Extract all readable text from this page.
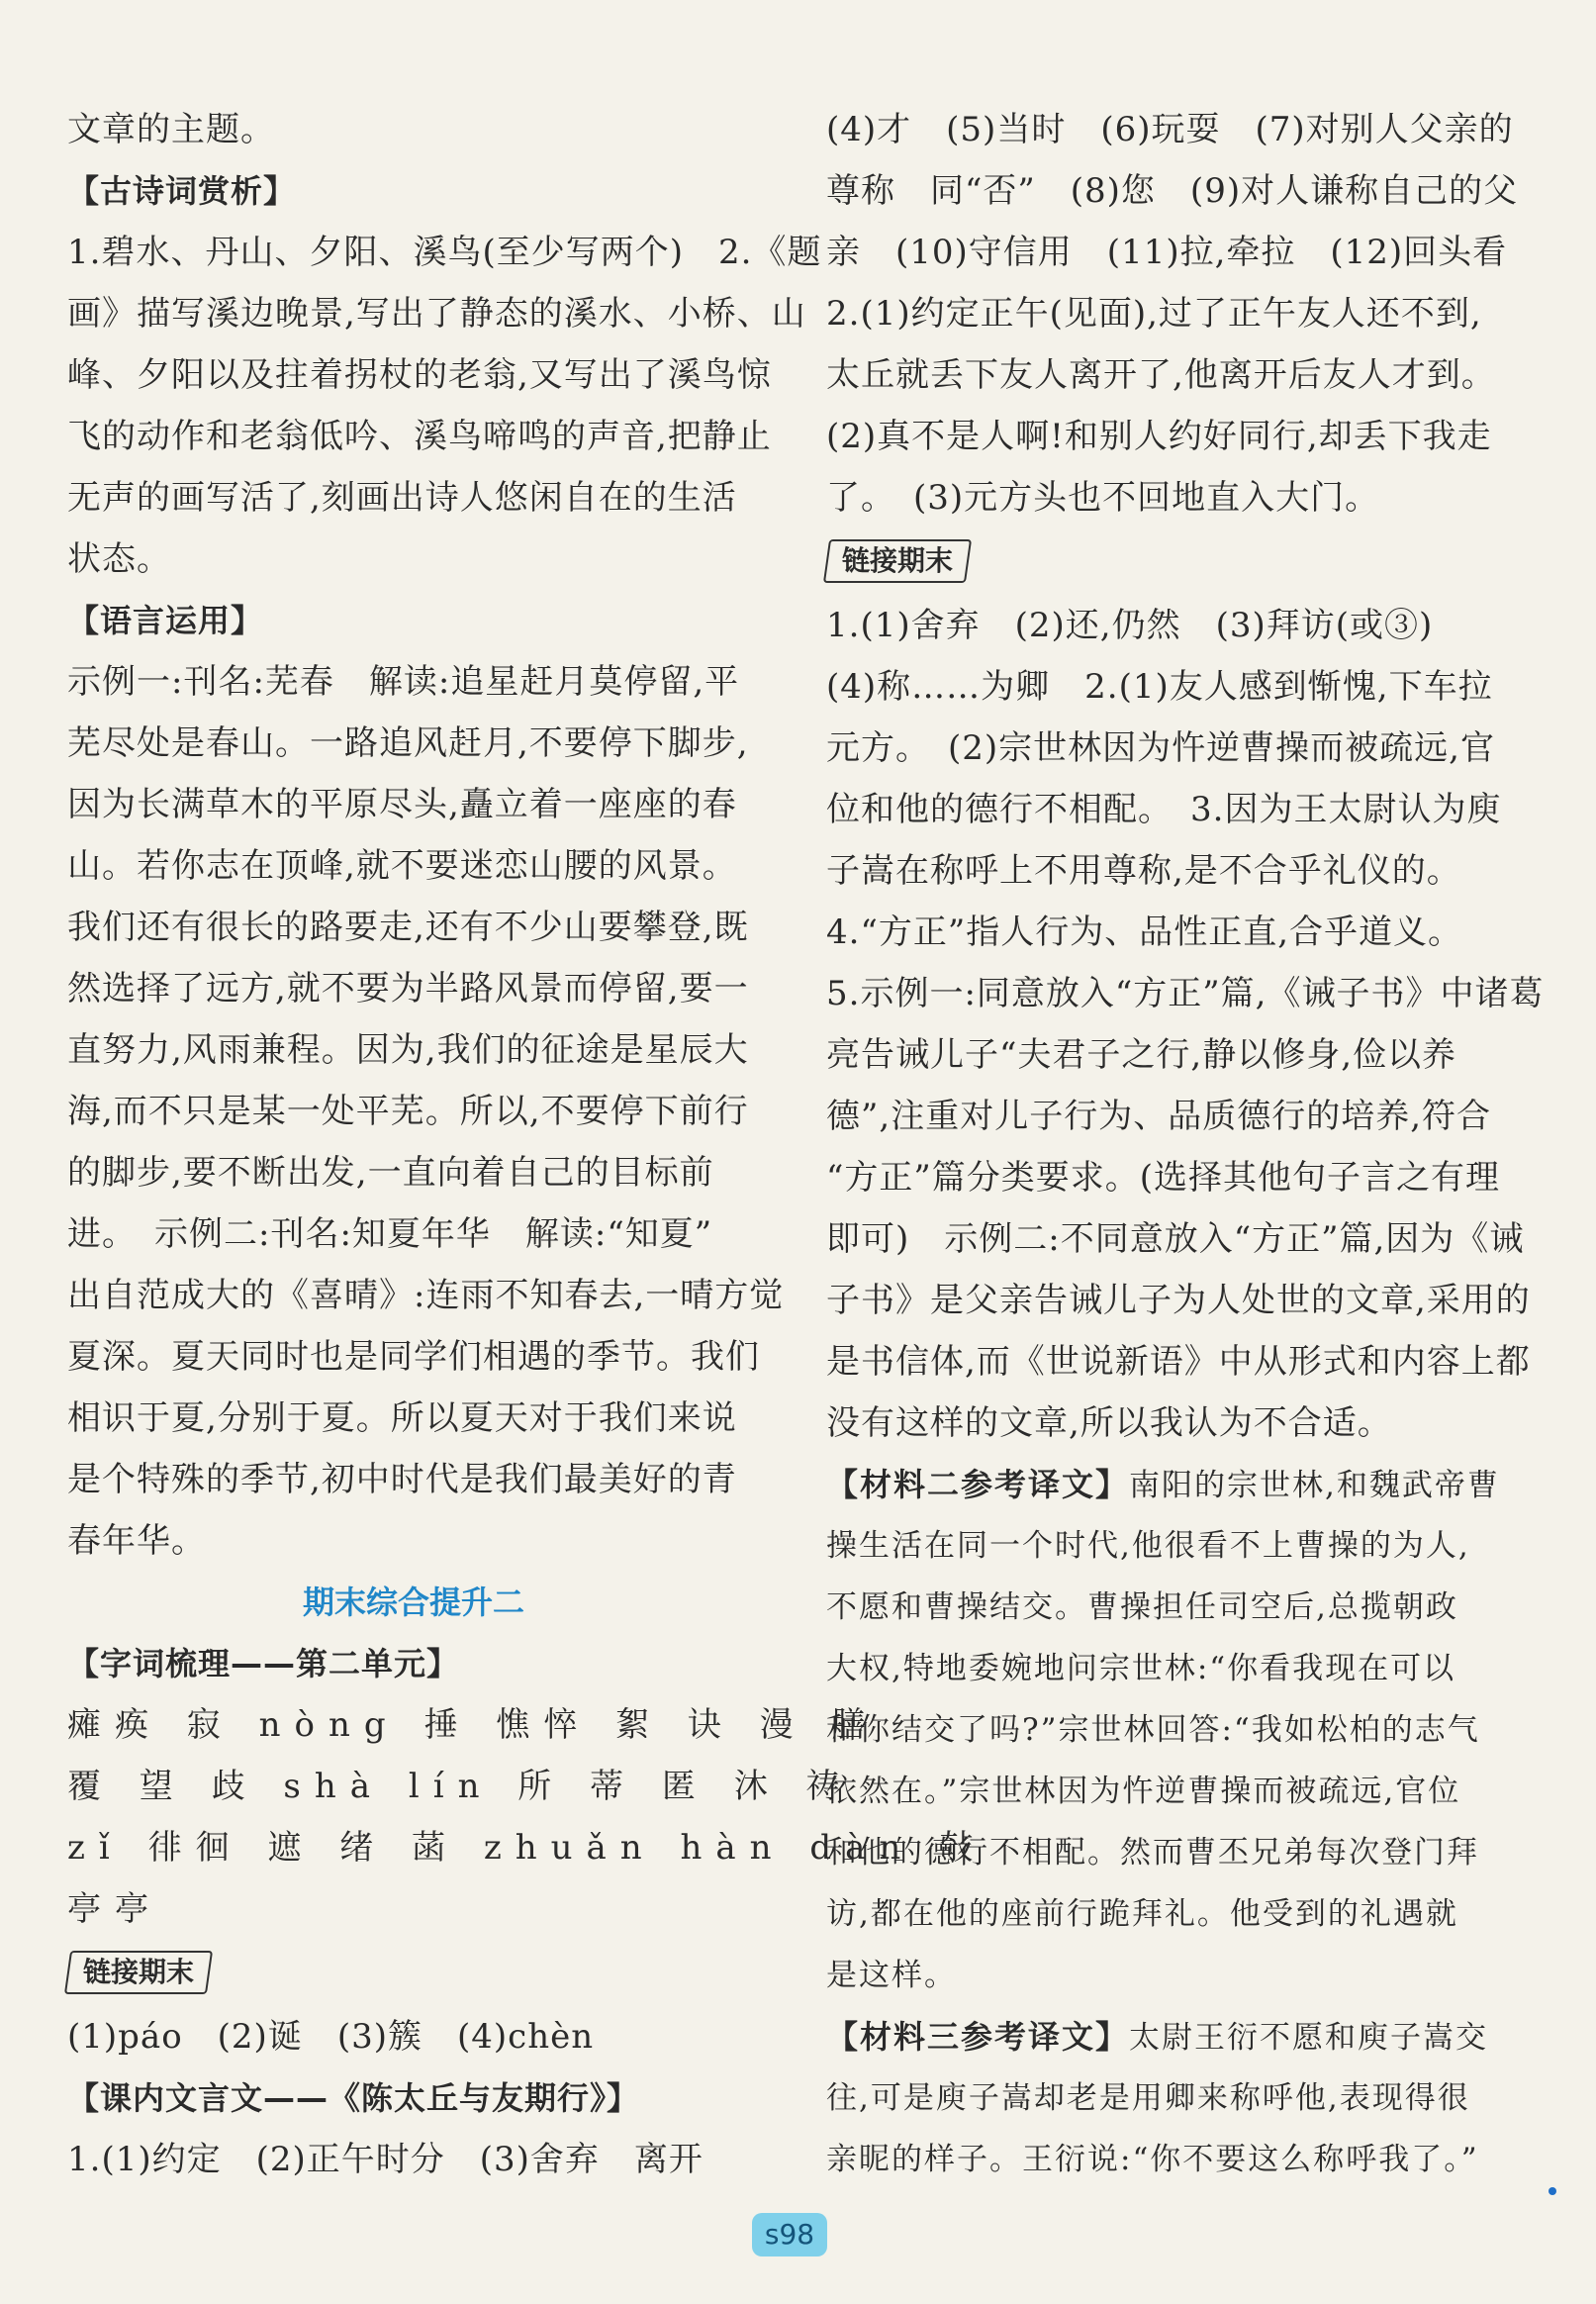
文章的主题。
【古诗词赏析】
1.碧水、丹山、夕阳、溪鸟(至少写两个)　2.《题
画》描写溪边晚景,写出了静态的溪水、小桥、山
峰、夕阳以及拄着拐杖的老翁,又写出了溪鸟惊
飞的动作和老翁低吟、溪鸟啼鸣的声音,把静止
无声的画写活了,刻画出诗人悠闲自在的生活
状态。
【语言运用】
示例一:刊名:芜春　解读:追星赶月莫停留,平
芜尽处是春山。一路追风赶月,不要停下脚步,
因为长满草木的平原尽头,矗立着一座座的春
山。若你志在顶峰,就不要迷恋山腰的风景。
我们还有很长的路要走,还有不少山要攀登,既
然选择了远方,就不要为半路风景而停留,要一
直努力,风雨兼程。因为,我们的征途是星辰大
海,而不只是某一处平芜。所以,不要停下前行
的脚步,要不断出发,一直向着自己的目标前
进。　示例二:刊名:知夏年华　解读:“知夏”
出自范成大的《喜晴》:连雨不知春去,一晴方觉
夏深。夏天同时也是同学们相遇的季节。我们
相识于夏,分别于夏。所以夏天对于我们来说
是个特殊的季节,初中时代是我们最美好的青
春年华。
期末综合提升二
【字词梳理——第二单元】
瘫痪 寂 nòng 捶 憔悴 絮 诀 漫 膳
覆 望 歧 shà lín 所 蒂 匿 沐 祷
zǐ 徘徊 遮 绪 菡 zhuǎn hàn dàn 敧
亭亭
链接期末
(1)páo　(2)诞　(3)簇　(4)chèn
【课内文言文——《陈太丘与友期行》】
1.(1)约定　(2)正午时分　(3)舍弃　离开
(4)才　(5)当时　(6)玩耍　(7)对别人父亲的
尊称　同“否”　(8)您　(9)对人谦称自己的父
亲　(10)守信用　(11)拉,牵拉　(12)回头看
2.(1)约定正午(见面),过了正午友人还不到,
太丘就丢下友人离开了,他离开后友人才到。
(2)真不是人啊!和别人约好同行,却丢下我走
了。　(3)元方头也不回地直入大门。
链接期末
1.(1)舍弃　(2)还,仍然　(3)拜访(或③)
(4)称……为卿　2.(1)友人感到惭愧,下车拉
元方。　(2)宗世林因为忤逆曹操而被疏远,官
位和他的德行不相配。　3.因为王太尉认为庾
子嵩在称呼上不用尊称,是不合乎礼仪的。
4.“方正”指人行为、品性正直,合乎道义。
5.示例一:同意放入“方正”篇,《诫子书》中诸葛
亮告诫儿子“夫君子之行,静以修身,俭以养
德”,注重对儿子行为、品质德行的培养,符合
“方正”篇分类要求。(选择其他句子言之有理
即可)　示例二:不同意放入“方正”篇,因为《诫
子书》是父亲告诫儿子为人处世的文章,采用的
是书信体,而《世说新语》中从形式和内容上都
没有这样的文章,所以我认为不合适。
【材料二参考译文】南阳的宗世林,和魏武帝曹
操生活在同一个时代,他很看不上曹操的为人,
不愿和曹操结交。曹操担任司空后,总揽朝政
大权,特地委婉地问宗世林:“你看我现在可以
和你结交了吗?”宗世林回答:“我如松柏的志气
依然在。”宗世林因为忤逆曹操而被疏远,官位
和他的德行不相配。然而曹丕兄弟每次登门拜
访,都在他的座前行跪拜礼。他受到的礼遇就
是这样。
【材料三参考译文】太尉王衍不愿和庾子嵩交
往,可是庾子嵩却老是用卿来称呼他,表现得很
亲昵的样子。王衍说:“你不要这么称呼我了。”
s98
